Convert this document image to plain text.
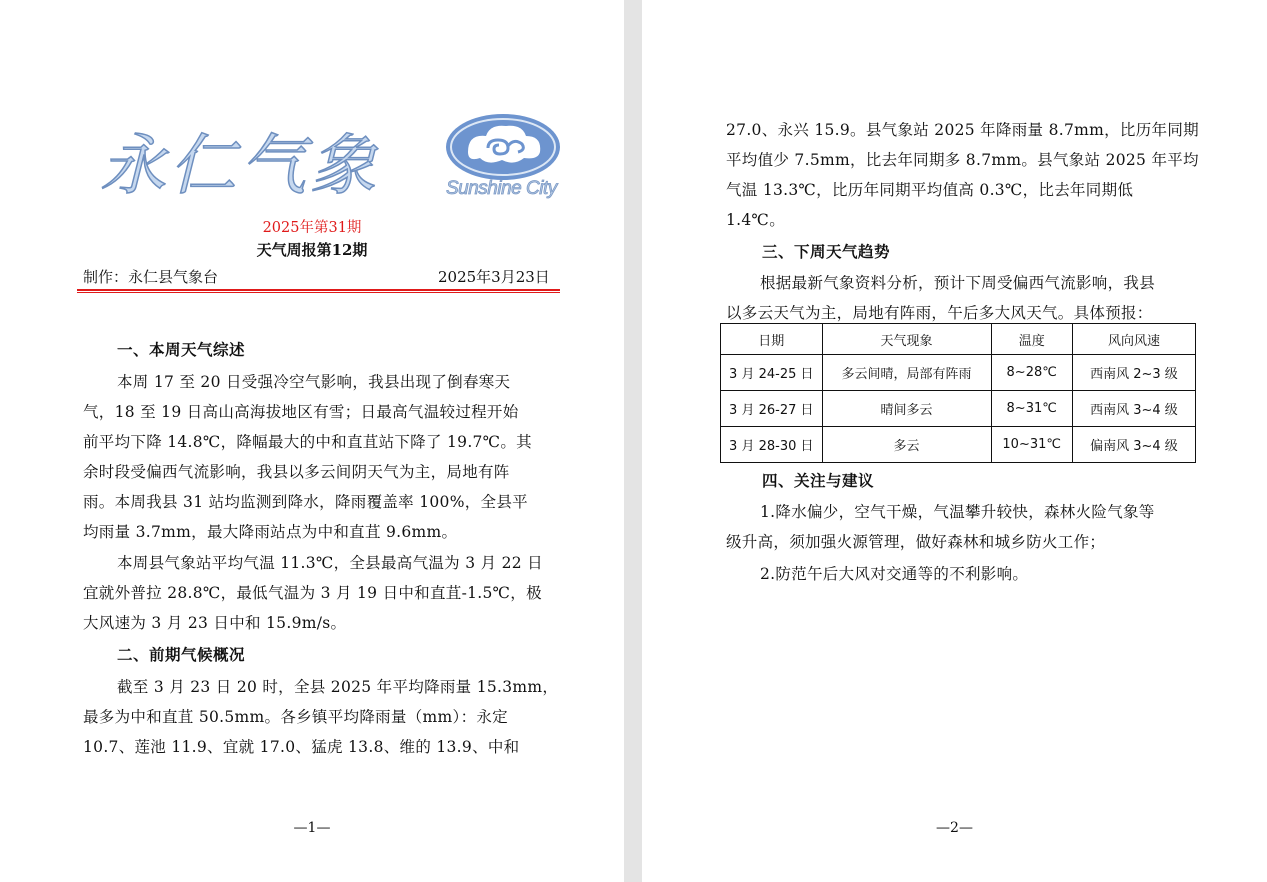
永仁气象	Sunshine City
2025年第31期
天气周报第12期
制作：永仁县气象台	2025年3月23日
一、本周天气综述
本周 17 至 20 日受强冷空气影响，我县出现了倒春寒天
气，18 至 19 日高山高海拔地区有雪；日最高气温较过程开始
前平均下降 14.8℃，降幅最大的中和直苴站下降了 19.7℃。其
余时段受偏西气流影响，我县以多云间阴天气为主，局地有阵
雨。本周我县 31 站均监测到降水，降雨覆盖率 100%，全县平
均雨量 3.7mm，最大降雨站点为中和直苴 9.6mm。
本周县气象站平均气温 11.3℃，全县最高气温为 3 月 22 日
宜就外普拉 28.8℃，最低气温为 3 月 19 日中和直苴-1.5℃，极
大风速为 3 月 23 日中和 15.9m/s。
二、前期气候概况
截至 3 月 23 日 20 时，全县 2025 年平均降雨量 15.3mm，
最多为中和直苴 50.5mm。各乡镇平均降雨量（mm）：永定
10.7、莲池 11.9、宜就 17.0、猛虎 13.8、维的 13.9、中和
—1—
27.0、永兴 15.9。县气象站 2025 年降雨量 8.7mm，比历年同期
平均值少 7.5mm，比去年同期多 8.7mm。县气象站 2025 年平均
气温 13.3℃，比历年同期平均值高 0.3℃，比去年同期低
1.4℃。
三、下周天气趋势
根据最新气象资料分析，预计下周受偏西气流影响，我县
以多云天气为主，局地有阵雨，午后多大风天气。具体预报：
日期	天气现象	温度	风向风速
3 月 24-25 日	多云间晴，局部有阵雨	8~28℃	西南风 2~3 级
3 月 26-27 日	晴间多云	8~31℃	西南风 3~4 级
3 月 28-30 日	多云	10~31℃	偏南风 3~4 级
四、关注与建议
1.降水偏少，空气干燥，气温攀升较快，森林火险气象等
级升高，须加强火源管理，做好森林和城乡防火工作；
2.防范午后大风对交通等的不利影响。
—2—
